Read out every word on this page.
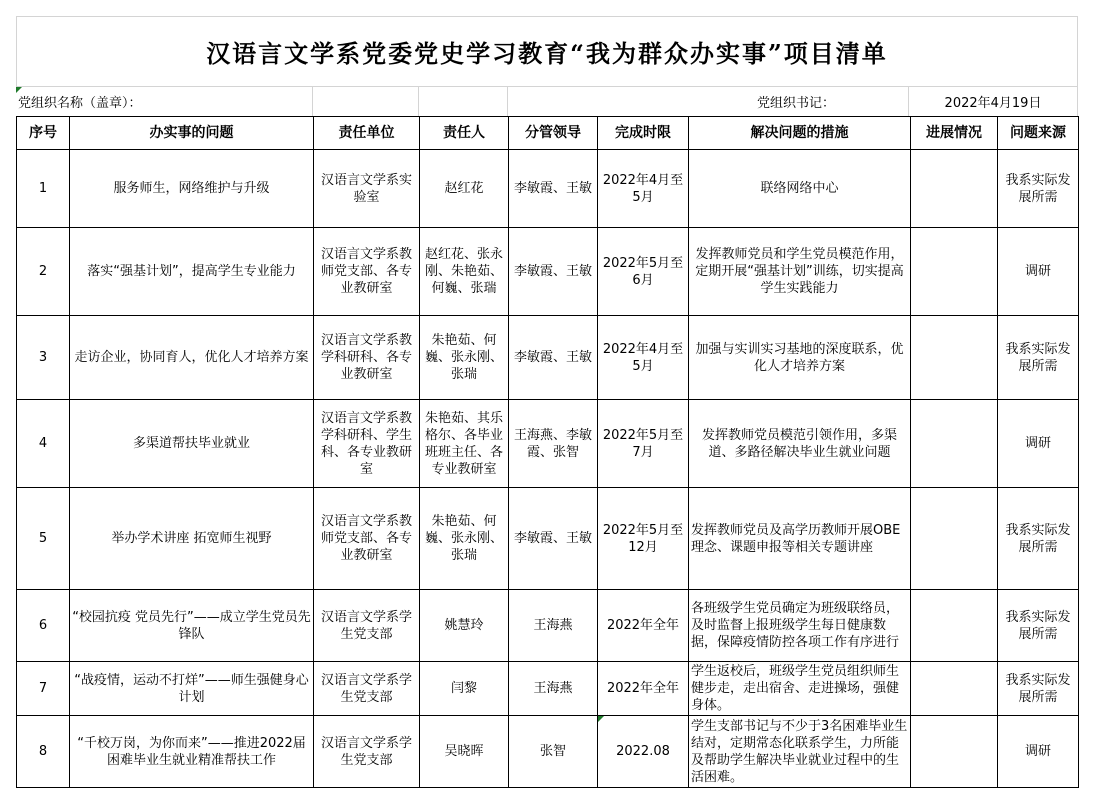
汉语言文学系党委党史学习教育“我为群众办实事”项目清单
党组织名称（盖章）：	党组织书记：	2022年4月19日
序号	办实事的问题	责任单位	责任人	分管领导	完成时限	解决问题的措施	进展情况	问题来源
1	服务师生，网络维护与升级	汉语言文学系实验室	赵红花	李敏霞、王敏	2022年4月至5月	联络网络中心		我系实际发展所需
2	落实“强基计划”，提高学生专业能力	汉语言文学系教师党支部、各专业教研室	赵红花、张永刚、朱艳茹、何巍、张瑞	李敏霞、王敏	2022年5月至6月	发挥教师党员和学生党员模范作用，定期开展“强基计划”训练，切实提高学生实践能力		调研
3	走访企业，协同育人，优化人才培养方案	汉语言文学系教学科研科、各专业教研室	朱艳茹、何巍、张永刚、张瑞	李敏霞、王敏	2022年4月至5月	加强与实训实习基地的深度联系，优化人才培养方案		我系实际发展所需
4	多渠道帮扶毕业就业	汉语言文学系教学科研科、学生科、各专业教研室	朱艳茹、其乐格尔、各毕业班班主任、各专业教研室	王海燕、李敏霞、张智	2022年5月至7月	发挥教师党员模范引领作用，多渠道、多路径解决毕业生就业问题		调研
5	举办学术讲座 拓宽师生视野	汉语言文学系教师党支部、各专业教研室	朱艳茹、何巍、张永刚、张瑞	李敏霞、王敏	2022年5月至12月	发挥教师党员及高学历教师开展OBE理念、课题申报等相关专题讲座		我系实际发展所需
6	“校园抗疫 党员先行”——成立学生党员先锋队	汉语言文学系学生党支部	姚慧玲	王海燕	2022年全年	各班级学生党员确定为班级联络员，及时监督上报班级学生每日健康数据，保障疫情防控各项工作有序进行		我系实际发展所需
7	“战疫情，运动不打烊”——师生强健身心计划	汉语言文学系学生党支部	闫黎	王海燕	2022年全年	学生返校后，班级学生党员组织师生健步走，走出宿舍、走进操场，强健身体。		我系实际发展所需
8	“千校万岗，为你而来”——推进2022届困难毕业生就业精准帮扶工作	汉语言文学系学生党支部	吴晓晖	张智	2022.08	学生支部书记与不少于3名困难毕业生结对，定期常态化联系学生，力所能及帮助学生解决毕业就业过程中的生活困难。		调研
